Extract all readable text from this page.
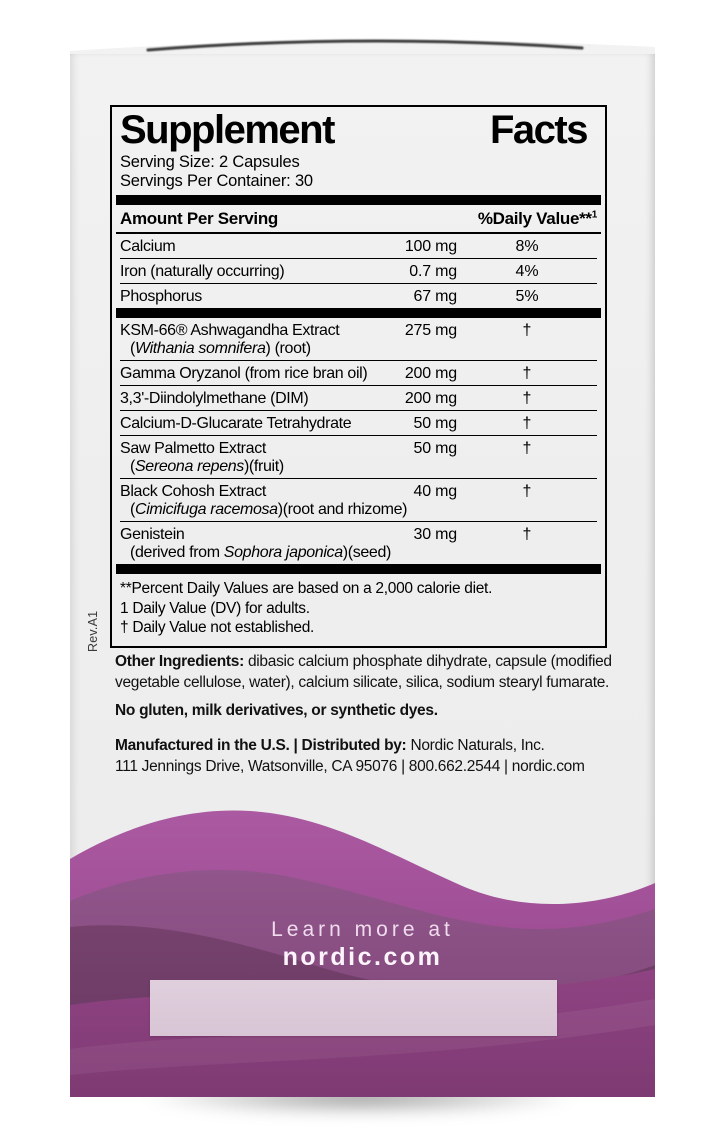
Supplement	Facts
Serving Size: 2 Capsules
Servings Per Container: 30
Amount Per Serving	%Daily Value**$^1$
Calcium	100 mg	8%
Iron (naturally occurring)	0.7 mg	4%
Phosphorus	67 mg	5%
KSM-66® Ashwagandha Extract
(Withania somnifera) (root)
275 mg	†
Gamma Oryzanol (from rice bran oil)	200 mg	†
3,3'-Diindolylmethane (DIM)	200 mg	†
Calcium-D-Glucarate Tetrahydrate	50 mg	†
Saw Palmetto Extract
(Sereona repens)(fruit)
50 mg	†
Black Cohosh Extract
(Cimicifuga racemosa)(root and rhizome)
40 mg	†
Genistein
(derived from Sophora japonica)(seed)
30 mg	†

**Percent Daily Values are based on a 2,000 calorie diet.

1 Daily Value (DV) for adults.

† Daily Value not established.

Rev.A1

Other Ingredients: dibasic calcium phosphate dihydrate, capsule (modified vegetable cellulose, water), calcium silicate, silica, sodium stearyl fumarate.

No gluten, milk derivatives, or synthetic dyes.

Manufactured in the U.S. | Distributed by: Nordic Naturals, Inc.
111 Jennings Drive, Watsonville, CA 95076 | 800.662.2544 | nordic.com

Learn more at
nordic.com
